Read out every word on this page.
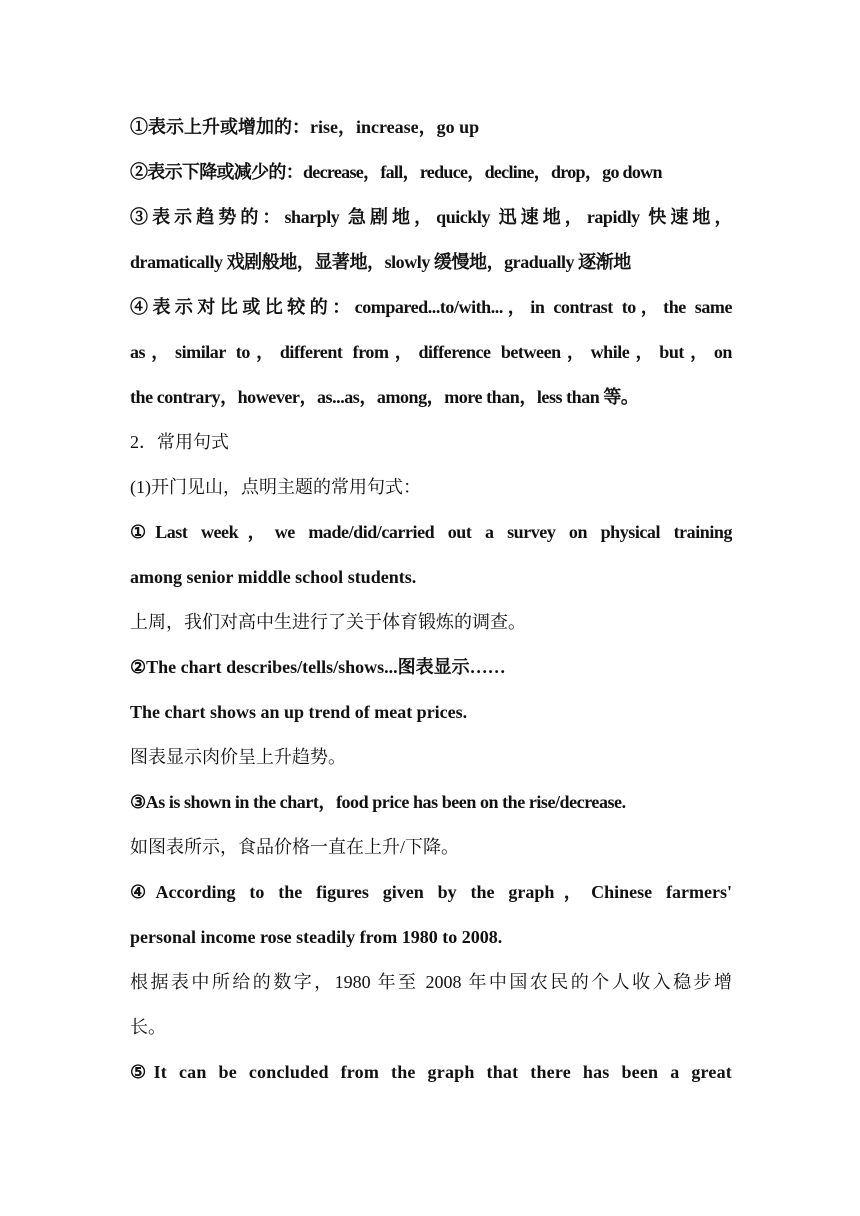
①表示上升或增加的：rise，increase，go up
②表示下降或减少的：decrease，fall，reduce，decline，drop，go down
③表示趋势的：sharply 急剧地，quickly 迅速地，rapidly 快速地，
dramatically 戏剧般地，显著地，slowly 缓慢地，gradually 逐渐地
④表示对比或比较的：compared...to/with...，in contrast to，the same
as，similar to，different from，difference between，while，but，on
the contrary，however，as...as，among，more than，less than 等。
2．常用句式
(1)开门见山，点明主题的常用句式：
①Last week，we made/did/carried out a survey on physical training
among senior middle school students.
上周，我们对高中生进行了关于体育锻炼的调查。
②The chart describes/tells/shows...图表显示……
The chart shows an up trend of meat prices.
图表显示肉价呈上升趋势。
③As is shown in the chart，food price has been on the rise/decrease.
如图表所示，食品价格一直在上升/下降。
④According to the figures given by the graph，Chinese farmers'
personal income rose steadily from 1980 to 2008.
根据表中所给的数字，1980 年至 2008 年中国农民的个人收入稳步增
长。
⑤It can be concluded from the graph that there has been a great
